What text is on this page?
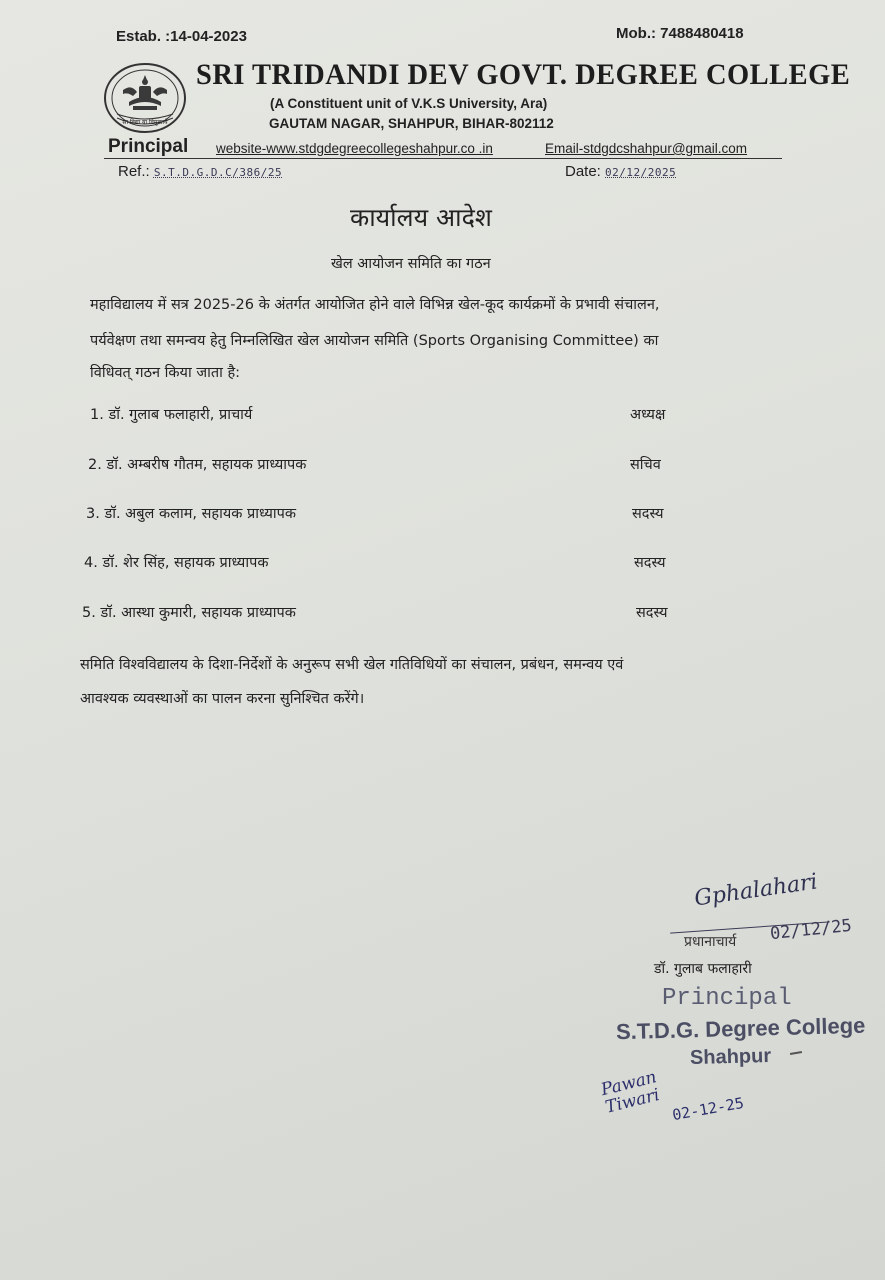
Estab. :14-04-2023	Mob.: 7488480418
सा विद्या या विमुक्तये
SRI TRIDANDI DEV GOVT. DEGREE COLLEGE
(A Constituent unit of V.K.S University, Ara)
GAUTAM NAGAR, SHAHPUR, BIHAR-802112
Principal website-www.stdgdegreecollegeshahpur.co .in	Email-stdgdcshahpur@gmail.com
Ref.: S.T.D.G.D.C/386/25	Date: 02/12/2025
कार्यालय आदेश
खेल आयोजन समिति का गठन
महाविद्यालय में सत्र 2025-26 के अंतर्गत आयोजित होने वाले विभिन्न खेल-कूद कार्यक्रमों के प्रभावी संचालन,
पर्यवेक्षण तथा समन्वय हेतु निम्नलिखित खेल आयोजन समिति (Sports Organising Committee) का
विधिवत् गठन किया जाता है:
1. डॉ. गुलाब फलाहारी, प्राचार्य	अध्यक्ष
2. डॉ. अम्बरीष गौतम, सहायक प्राध्यापक	सचिव
3. डॉ. अबुल कलाम, सहायक प्राध्यापक	सदस्य
4. डॉ. शेर सिंह, सहायक प्राध्यापक	सदस्य
5. डॉ. आस्था कुमारी, सहायक प्राध्यापक	सदस्य
समिति विश्वविद्यालय के दिशा-निर्देशों के अनुरूप सभी खेल गतिविधियों का संचालन, प्रबंधन, समन्वय एवं
आवश्यक व्यवस्थाओं का पालन करना सुनिश्चित करेंगे।
Gphalahari
प्रधानाचार्य 02/12/25
डॉ. गुलाब फलाहारी
Principal
S.T.D.G. Degree College
Shahpur
Pawan Tiwari 02-12-25
